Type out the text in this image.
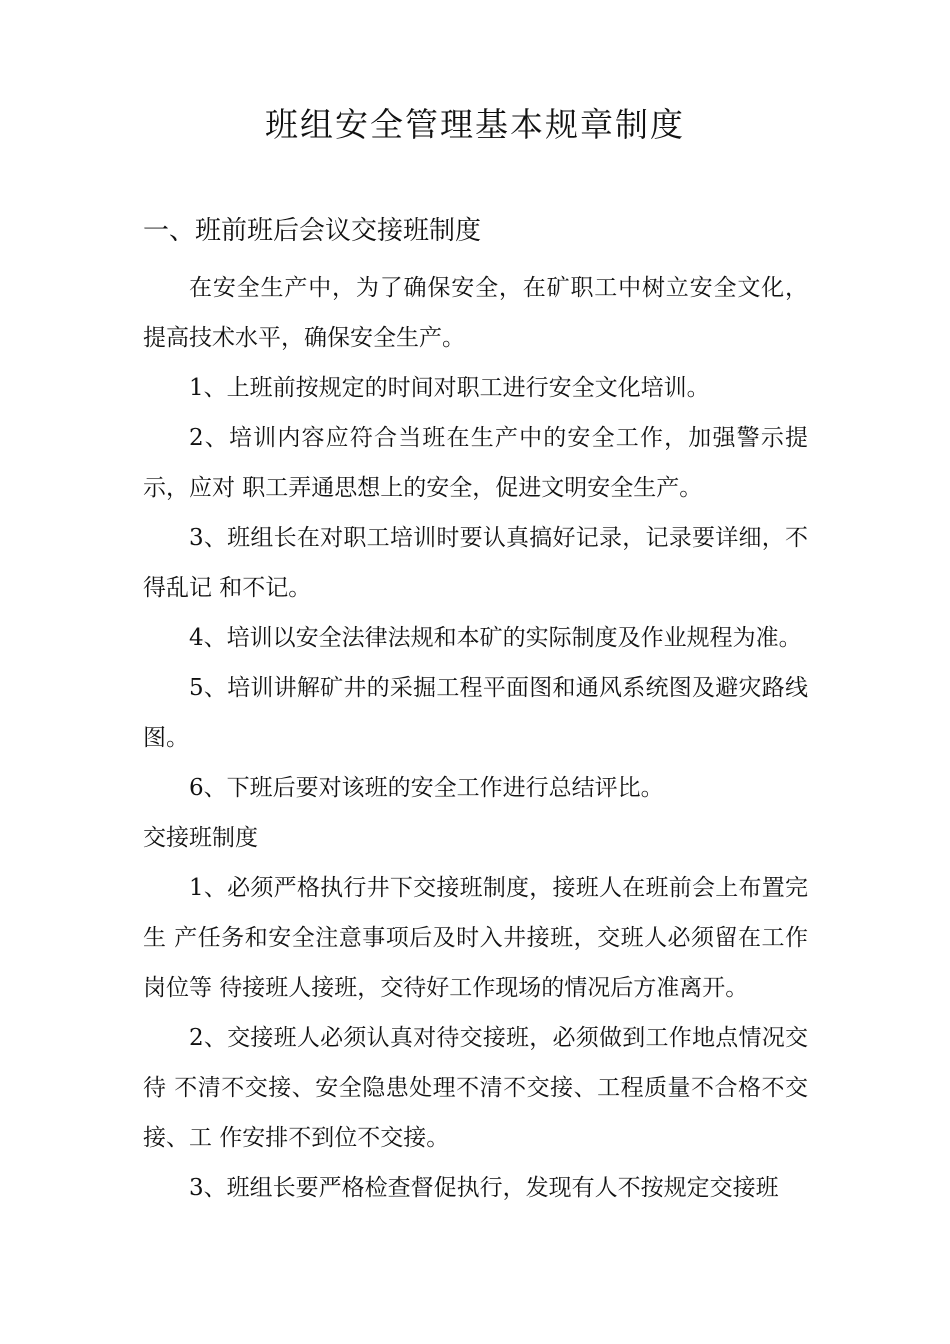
班组安全管理基本规章制度
一、班前班后会议交接班制度

在安全生产中，为了确保安全，在矿职工中树立安全文化，提高技术水平，确保安全生产。

1、上班前按规定的时间对职工进行安全文化培训。

2、培训内容应符合当班在生产中的安全工作，加强警示提示，应对 职工弄通思想上的安全，促进文明安全生产。

3、班组长在对职工培训时要认真搞好记录，记录要详细，不得乱记 和不记。

4、培训以安全法律法规和本矿的实际制度及作业规程为准。

5、培训讲解矿井的采掘工程平面图和通风系统图及避灾路线图。

6、下班后要对该班的安全工作进行总结评比。

交接班制度

1、必须严格执行井下交接班制度，接班人在班前会上布置完生 产任务和安全注意事项后及时入井接班，交班人必须留在工作岗位等 待接班人接班，交待好工作现场的情况后方准离开。

2、交接班人必须认真对待交接班，必须做到工作地点情况交待 不清不交接、安全隐患处理不清不交接、工程质量不合格不交接、工 作安排不到位不交接。

3、班组长要严格检查督促执行，发现有人不按规定交接班
